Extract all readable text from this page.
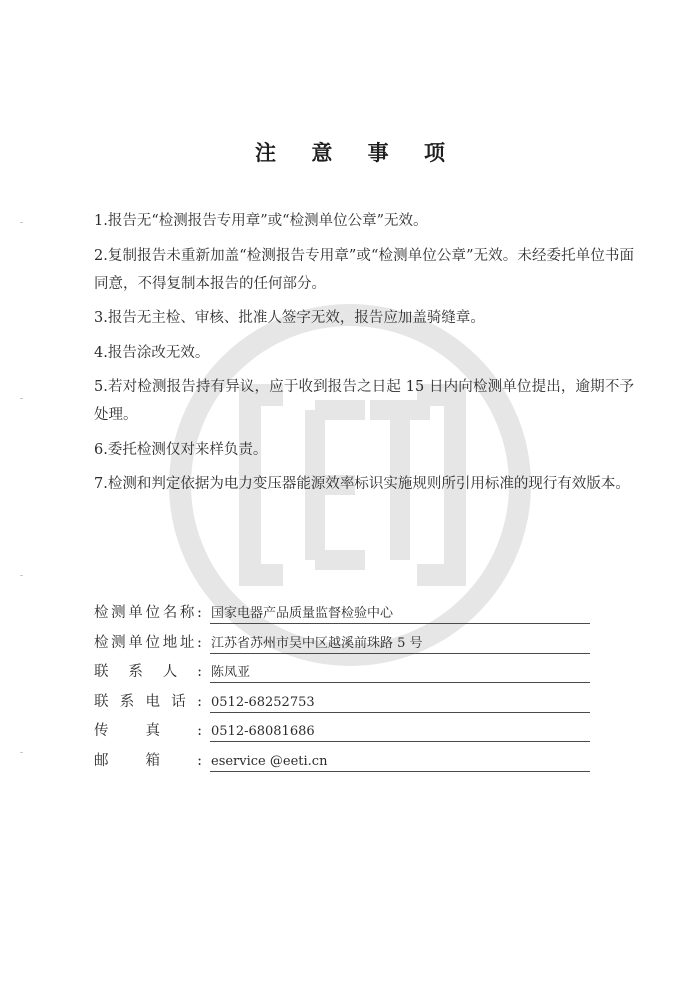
注 意 事 项

1.报告无“检测报告专用章”或“检测单位公章”无效。

2.复制报告未重新加盖“检测报告专用章”或“检测单位公章”无效。未经委托单位书面同意，不得复制本报告的任何部分。

3.报告无主检、审核、批准人签字无效，报告应加盖骑缝章。

4.报告涂改无效。

5.若对检测报告持有异议，应于收到报告之日起 15 日内向检测单位提出，逾期不予处理。

6.委托检测仅对来样负责。

7.检测和判定依据为电力变压器能源效率标识实施规则所引用标准的现行有效版本。

检 测 单 位 名 称 : 国家电器产品质量监督检验中心
检 测 单 位 地 址 : 江苏省苏州市吴中区越溪前珠路 5 号
联 系 人 : 陈凤亚
联 系 电 话 : 0512-68252753
传	真	: 0512-68081686
邮	箱	: eservice @eeti.cn
